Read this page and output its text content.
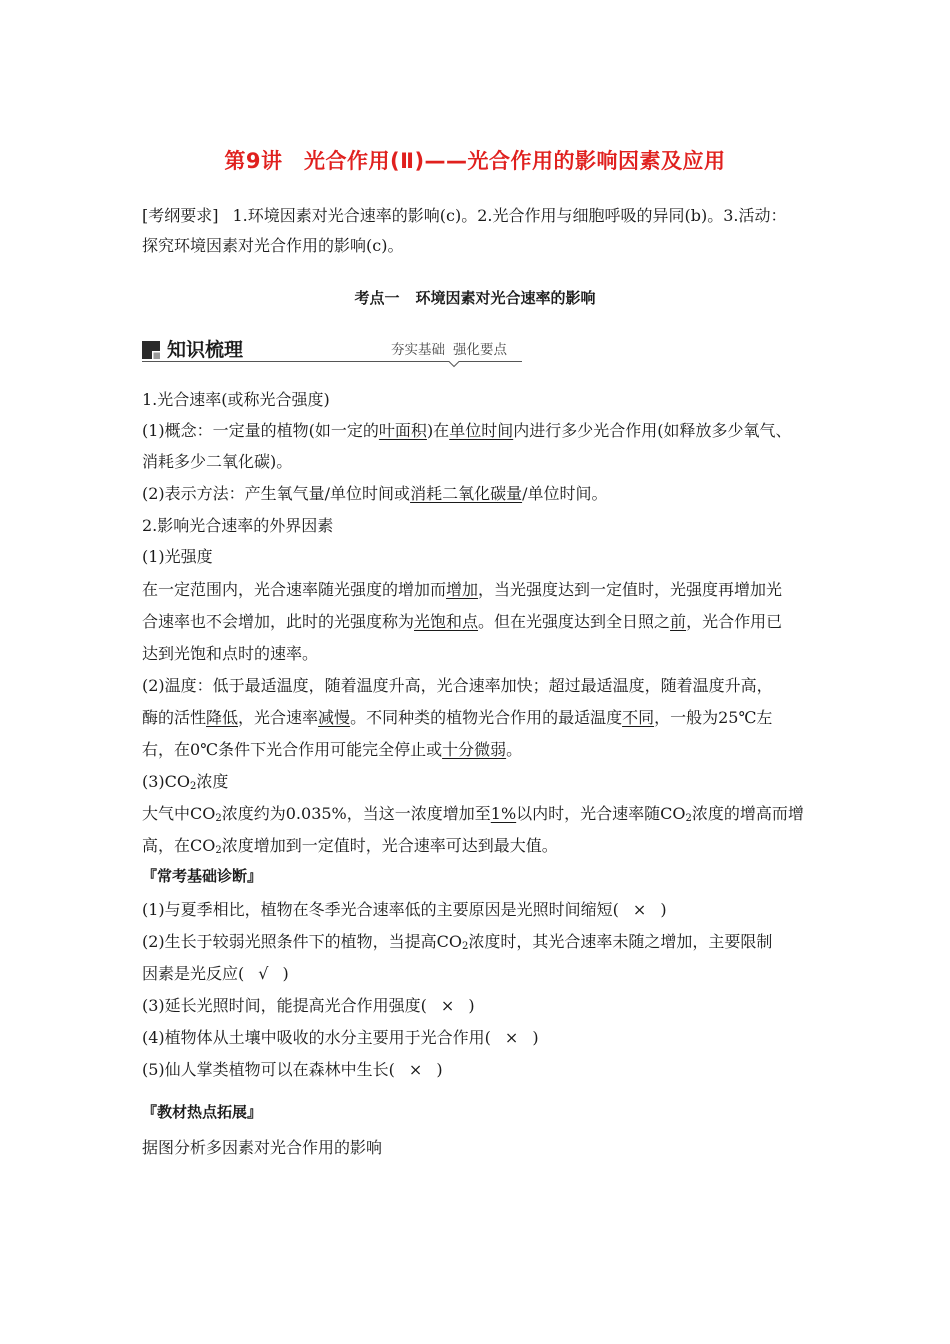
第9讲　光合作用(Ⅱ)——光合作用的影响因素及应用
[考纲要求] 1.环境因素对光合速率的影响(c)。2.光合作用与细胞呼吸的异同(b)。3.活动：
探究环境因素对光合作用的影响(c)。
考点一 环境因素对光合速率的影响
知识梳理	夯实基础 强化要点
1.光合速率(或称光合强度)
(1)概念：一定量的植物(如一定的叶面积)在单位时间内进行多少光合作用(如释放多少氧气、
消耗多少二氧化碳)。
(2)表示方法：产生氧气量/单位时间或消耗二氧化碳量/单位时间。
2.影响光合速率的外界因素
(1)光强度
在一定范围内，光合速率随光强度的增加而增加，当光强度达到一定值时，光强度再增加光
合速率也不会增加，此时的光强度称为光饱和点。但在光强度达到全日照之前，光合作用已
达到光饱和点时的速率。
(2)温度：低于最适温度，随着温度升高，光合速率加快；超过最适温度，随着温度升高，
酶的活性降低，光合速率减慢。不同种类的植物光合作用的最适温度不同，一般为25℃左
右，在0℃条件下光合作用可能完全停止或十分微弱。
$(3)CO_2$浓度
大气中$CO_2$浓度约为0.035%，当这一浓度增加至1%以内时，光合速率随$CO_2$浓度的增高而增
高，在$CO_2$浓度增加到一定值时，光合速率可达到最大值。
『常考基础诊断』
(1)与夏季相比，植物在冬季光合速率低的主要原因是光照时间缩短( × )
(2)生长于较弱光照条件下的植物，当提高$CO_2$浓度时，其光合速率未随之增加，主要限制
因素是光反应( √ )
(3)延长光照时间，能提高光合作用强度( × )
(4)植物体从土壤中吸收的水分主要用于光合作用( × )
(5)仙人掌类植物可以在森林中生长( × )
『教材热点拓展』
据图分析多因素对光合作用的影响
